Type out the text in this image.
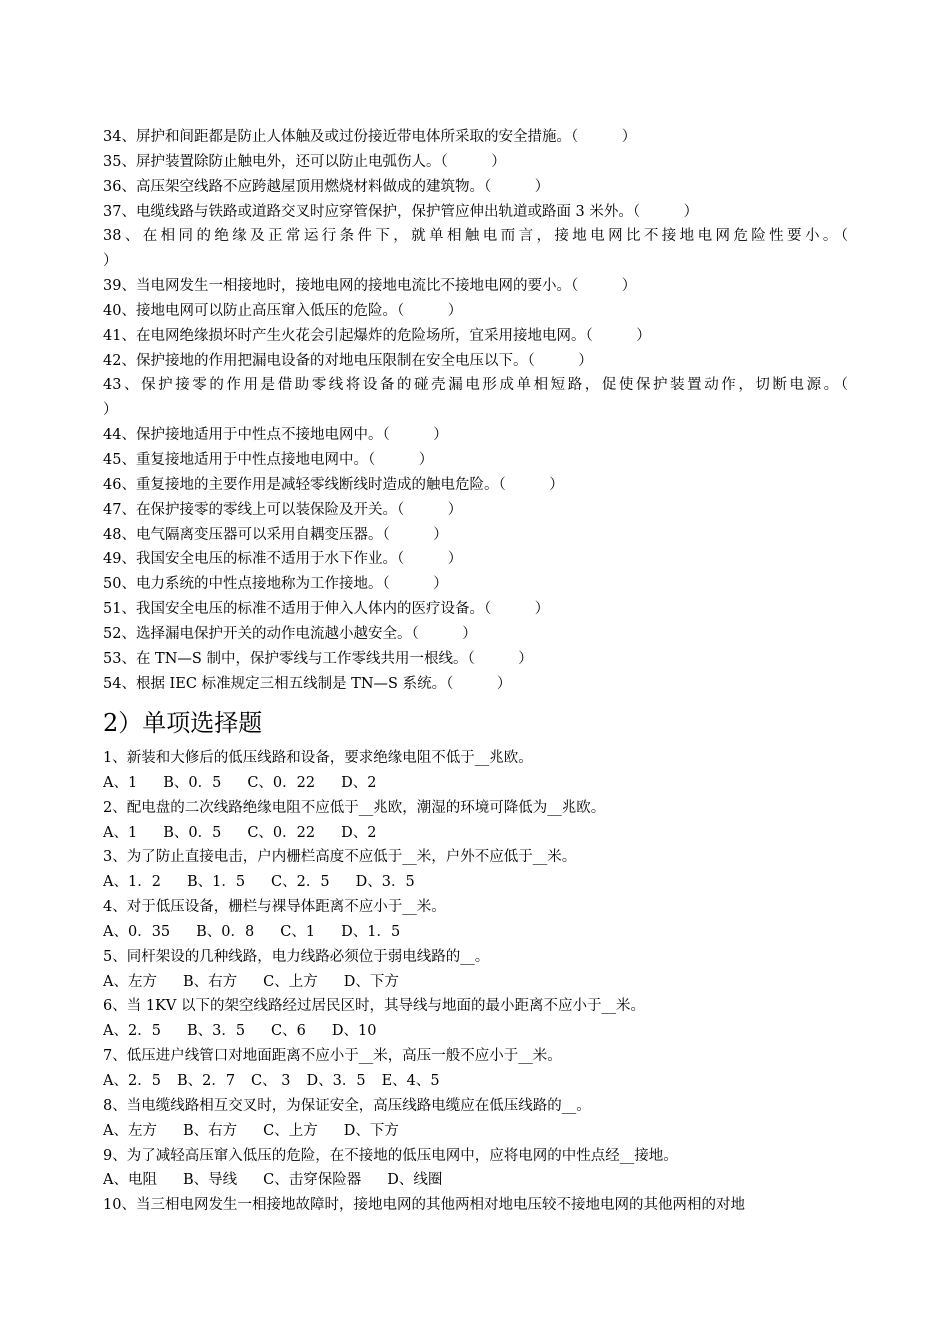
34、屏护和间距都是防止人体触及或过份接近带电体所采取的安全措施。（　　　）
35、屏护装置除防止触电外，还可以防止电弧伤人。（　　　）
36、高压架空线路不应跨越屋顶用燃烧材料做成的建筑物。（　　　）
37、电缆线路与铁路或道路交叉时应穿管保护，保护管应伸出轨道或路面 3 米外。（　　　）
38、在相同的绝缘及正常运行条件下，就单相触电而言，接地电网比不接地电网危险性要小。（
）
39、当电网发生一相接地时，接地电网的接地电流比不接地电网的要小。（　　　）
40、接地电网可以防止高压窜入低压的危险。（　　　）
41、在电网绝缘损坏时产生火花会引起爆炸的危险场所，宜采用接地电网。（　　　）
42、保护接地的作用把漏电设备的对地电压限制在安全电压以下。（　　　）
43、保护接零的作用是借助零线将设备的碰壳漏电形成单相短路，促使保护装置动作，切断电源。（
）
44、保护接地适用于中性点不接地电网中。（　　　）
45、重复接地适用于中性点接地电网中。（　　　）
46、重复接地的主要作用是减轻零线断线时造成的触电危险。（　　　）
47、在保护接零的零线上可以装保险及开关。（　　　）
48、电气隔离变压器可以采用自耦变压器。（　　　）
49、我国安全电压的标准不适用于水下作业。（　　　）
50、电力系统的中性点接地称为工作接地。（　　　）
51、我国安全电压的标准不适用于伸入人体内的医疗设备。（　　　）
52、选择漏电保护开关的动作电流越小越安全。（　　　）
53、在 TN—S 制中，保护零线与工作零线共用一根线。（　　　）
54、根据 IEC 标准规定三相五线制是 TN—S 系统。（　　　）
2）单项选择题
1、新装和大修后的低压线路和设备，要求绝缘电阻不低于__兆欧。
A、1 B、0．5 C、0．22 D、2
2、配电盘的二次线路绝缘电阻不应低于__兆欧，潮湿的环境可降低为__兆欧。
A、1 B、0．5 C、0．22 D、2
3、为了防止直接电击，户内栅栏高度不应低于__米，户外不应低于__米。
A、1．2 B、1．5 C、2．5 D、3．5
4、对于低压设备，栅栏与裸导体距离不应小于__米。
A、0．35 B、0．8 C、1 D、1．5
5、同杆架设的几种线路，电力线路必须位于弱电线路的__。
A、左方 B、右方 C、上方 D、下方
6、当 1KV 以下的架空线路经过居民区时，其导线与地面的最小距离不应小于__米。
A、2．5 B、3．5 C、6 D、10
7、低压进户线管口对地面距离不应小于__米，高压一般不应小于__米。
A、2．5 B、2．7 C、 3 D、3．5 E、4、5
8、当电缆线路相互交叉时，为保证安全，高压线路电缆应在低压线路的__。
A、左方 B、右方 C、上方 D、下方
9、为了减轻高压窜入低压的危险，在不接地的低压电网中，应将电网的中性点经__接地。
A、电阻 B、导线 C、击穿保险器 D、线圈
10、当三相电网发生一相接地故障时，接地电网的其他两相对地电压较不接地电网的其他两相的对地
